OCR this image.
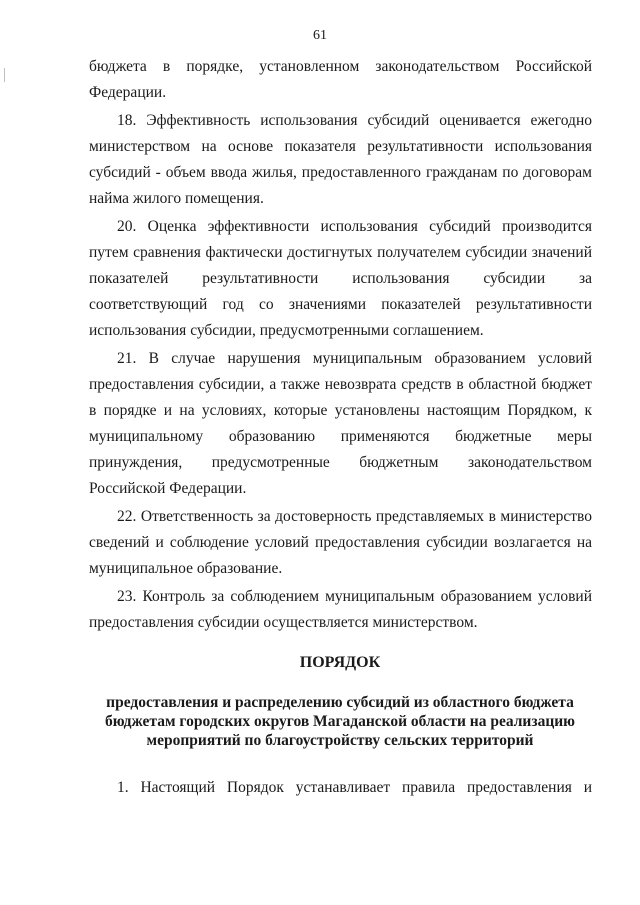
61

бюджета в порядке, установленном законодательством Российской Федерации.

18. Эффективность использования субсидий оценивается ежегодно министерством на основе показателя результативности использования субсидий - объем ввода жилья, предоставленного гражданам по договорам найма жилого помещения.

20. Оценка эффективности использования субсидий производится путем сравнения фактически достигнутых получателем субсидии значений показателей результативности использования субсидии за соответствующий год со значениями показателей результативности использования субсидии, предусмотренными соглашением.

21. В случае нарушения муниципальным образованием условий предоставления субсидии, а также невозврата средств в областной бюджет в порядке и на условиях, которые установлены настоящим Порядком, к муниципальному образованию применяются бюджетные меры принуждения, предусмотренные бюджетным законодательством Российской Федерации.

22. Ответственность за достоверность представляемых в министерство сведений и соблюдение условий предоставления субсидии возлагается на муниципальное образование.

23. Контроль за соблюдением муниципальным образованием условий предоставления субсидии осуществляется министерством.

ПОРЯДОК
предоставления и распределению субсидий из областного бюджета
бюджетам городских округов Магаданской области на реализацию
мероприятий по благоустройству сельских территорий
1. Настоящий Порядок устанавливает правила предоставления и
